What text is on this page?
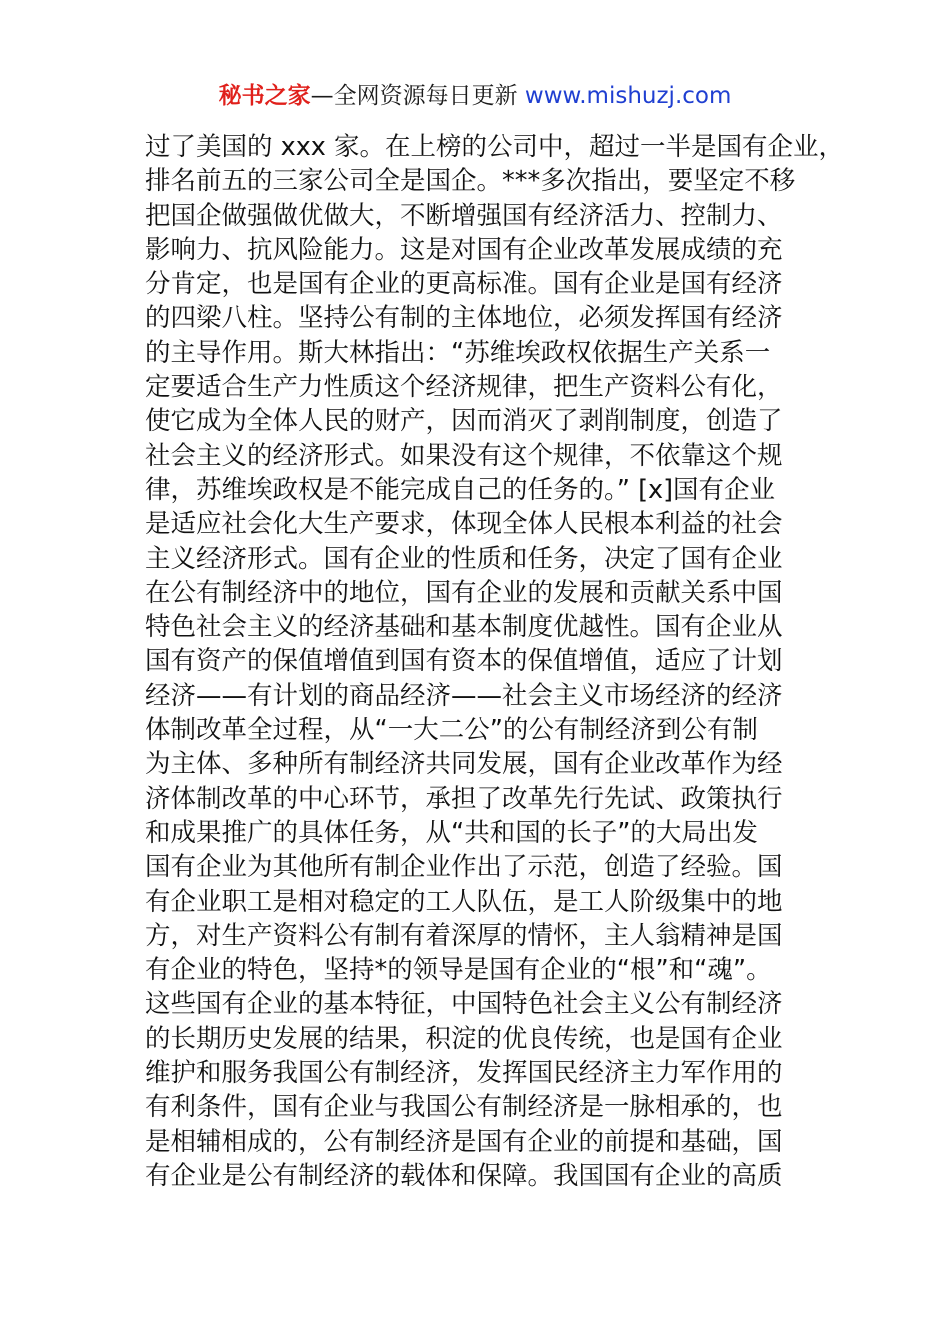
秘书之家—全网资源每日更新 www.mishuzj.com
过了美国的 xxx 家。在上榜的公司中，超过一半是国有企业，
排名前五的三家公司全是国企。***多次指出，要坚定不移
把国企做强做优做大，不断增强国有经济活力、控制力、
影响力、抗风险能力。这是对国有企业改革发展成绩的充
分肯定，也是国有企业的更高标准。国有企业是国有经济
的四梁八柱。坚持公有制的主体地位，必须发挥国有经济
的主导作用。斯大林指出：“苏维埃政权依据生产关系一
定要适合生产力性质这个经济规律，把生产资料公有化，
使它成为全体人民的财产，因而消灭了剥削制度，创造了
社会主义的经济形式。如果没有这个规律，不依靠这个规
律，苏维埃政权是不能完成自己的任务的。” [x]国有企业
是适应社会化大生产要求，体现全体人民根本利益的社会
主义经济形式。国有企业的性质和任务，决定了国有企业
在公有制经济中的地位，国有企业的发展和贡献关系中国
特色社会主义的经济基础和基本制度优越性。国有企业从
国有资产的保值增值到国有资本的保值增值，适应了计划
经济——有计划的商品经济——社会主义市场经济的经济
体制改革全过程，从“一大二公”的公有制经济到公有制
为主体、多种所有制经济共同发展，国有企业改革作为经
济体制改革的中心环节，承担了改革先行先试、政策执行
和成果推广的具体任务，从“共和国的长子”的大局出发
国有企业为其他所有制企业作出了示范，创造了经验。国
有企业职工是相对稳定的工人队伍，是工人阶级集中的地
方，对生产资料公有制有着深厚的情怀，主人翁精神是国
有企业的特色，坚持*的领导是国有企业的“根”和“魂”。
这些国有企业的基本特征，中国特色社会主义公有制经济
的长期历史发展的结果，积淀的优良传统，也是国有企业
维护和服务我国公有制经济，发挥国民经济主力军作用的
有利条件，国有企业与我国公有制经济是一脉相承的，也
是相辅相成的，公有制经济是国有企业的前提和基础，国
有企业是公有制经济的载体和保障。我国国有企业的高质
